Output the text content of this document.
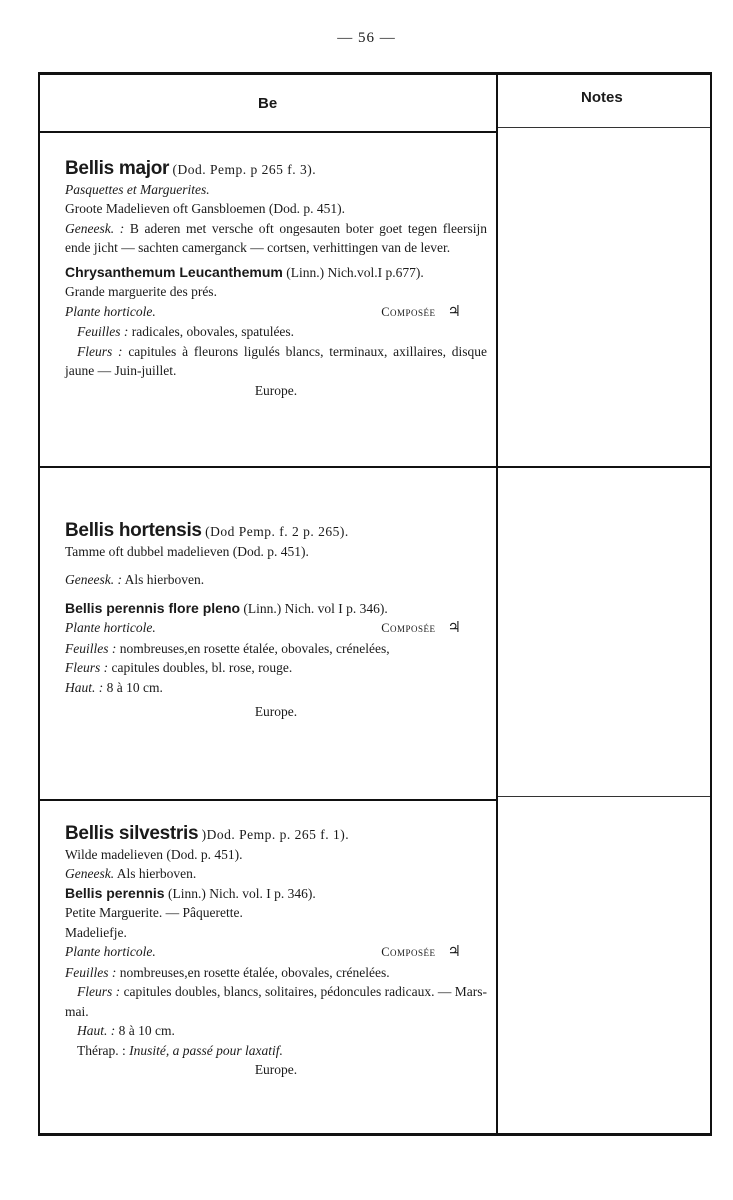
— 56 —
Be	Notes

Bellis major (Dod. Pemp. p 265 f. 3).

Pasquettes et Marguerites.

Groote Madelieven oft Gansbloemen (Dod. p. 451).

Geneesk. : B aderen met versche oft ongesauten boter goet tegen fleersijn ende jicht — sachten camerganck — cortsen, verhittingen van de lever.

Chrysanthemum Leucanthemum (Linn.) Nich.vol.I p.677).

Grande marguerite des prés.

Plante horticole.	Composée ♃

Feuilles : radicales, obovales, spatulées.

Fleurs : capitules à fleurons ligulés blancs, terminaux, axillaires, disque jaune — Juin-juillet.

Europe.

Bellis hortensis (Dod Pemp. f. 2 p. 265).

Tamme oft dubbel madelieven (Dod. p. 451).

Geneesk. : Als hierboven.

Bellis perennis flore pleno (Linn.) Nich. vol I p. 346).

Plante horticole.	Composée ♃

Feuilles : nombreuses,en rosette étalée, obovales, crénelées,

Fleurs : capitules doubles, bl. rose, rouge.

Haut. : 8 à 10 cm.

Europe.

Bellis silvestris )Dod. Pemp. p. 265 f. 1).

Wilde madelieven (Dod. p. 451).

Geneesk. Als hierboven.

Bellis perennis (Linn.) Nich. vol. I p. 346).

Petite Marguerite. — Pâquerette.

Madeliefje.

Plante horticole.	Composée ♃

Feuilles : nombreuses,en rosette étalée, obovales, crénelées.

Fleurs : capitules doubles, blancs, solitaires, pédoncules radicaux. — Mars-mai.

Haut. : 8 à 10 cm.

Thérap. : Inusité, a passé pour laxatif.

Europe.
